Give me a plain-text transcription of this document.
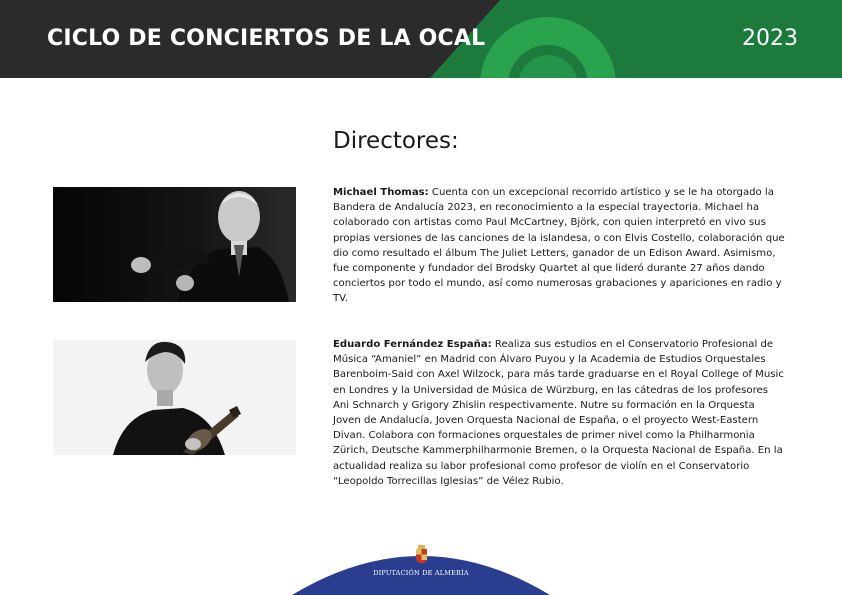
CICLO DE CONCIERTOS DE LA OCAL	2023
Directores:

Michael Thomas: Cuenta con un excepcional recorrido artístico y se le ha otorgado la Bandera de Andalucía 2023, en reconocimiento a la especial trayectoria. Michael ha colaborado con artistas como Paul McCartney, Björk, con quien interpretó en vivo sus propias versiones de las canciones de la islandesa, o con Elvis Costello, colaboración que dio como resultado el álbum The Juliet Letters, ganador de un Edison Award. Asimismo, fue componente y fundador del Brodsky Quartet al que lideró durante 27 años dando conciertos por todo el mundo, así como numerosas grabaciones y apariciones en radio y TV.

Eduardo Fernández España: Realiza sus estudios en el Conservatorio Profesional de Música “Amaniel” en Madrid con Álvaro Puyou y la Academia de Estudios Orquestales Barenboim-Said con Axel Wilzock, para más tarde graduarse en el Royal College of Music en Londres y la Universidad de Música de Würzburg, en las cátedras de los profesores Ani Schnarch y Grigory Zhislin respectivamente. Nutre su formación en la Orquesta Joven de Andalucía, Joven Orquesta Nacional de España, o el proyecto West-Eastern Divan. Colabora con formaciones orquestales de primer nivel como la Philharmonia Zürich, Deutsche Kammerphilharmonie Bremen, o la Orquesta Nacional de España. En la actualidad realiza su labor profesional como profesor de violín en el Conservatorio “Leopoldo Torrecillas Iglesias” de Vélez Rubio.

DIPUTACIÓN DE ALMERÍA
